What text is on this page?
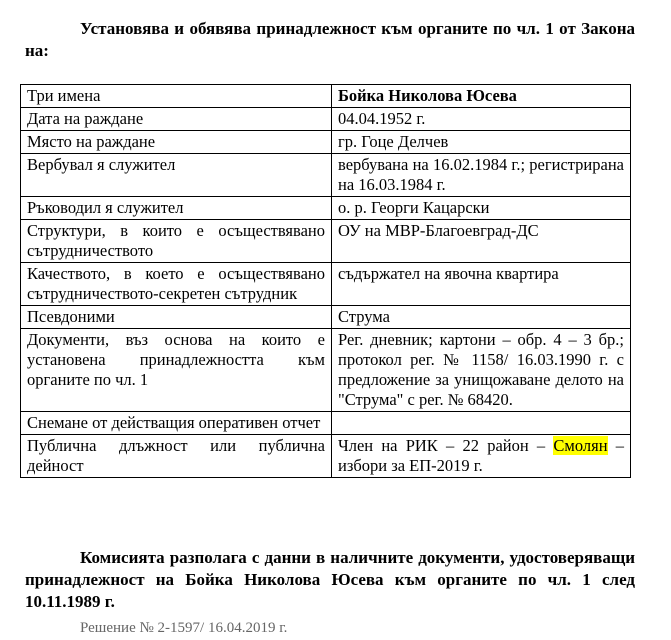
Установява и обявява принадлежност към органите по чл. 1 от Закона на:
Три имена	Бойка Николова Юсева
Дата на раждане	04.04.1952 г.
Място на раждане	гр. Гоце Делчев
Вербувал я служител	вербувана на 16.02.1984 г.; регистрирана на 16.03.1984 г.
Ръководил я служител	о. р. Георги Кацарски
Структури, в които е осъществявано сътрудничеството	ОУ на МВР-Благоевград-ДС
Качеството, в което е осъществявано сътрудничеството-секретен сътрудник	съдържател на явочна квартира
Псевдоними	Струма
Документи, въз основа на които е установена принадлежността към органите по чл. 1	Рег. дневник; картони – обр. 4 – 3 бр.; протокол рег. № 1158/ 16.03.1990 г. с предложение за унищожаване делото на "Струма" с рег. № 68420.
Снемане от действащия оперативен отчет	
Публична длъжност или публична дейност	Член на РИК – 22 район – Смолян – избори за ЕП-2019 г.
Комисията разполага с данни в наличните документи, удостоверяващи принадлежност на Бойка Николова Юсева към органите по чл. 1 след 10.11.1989 г.
Решение № 2-1597/ 16.04.2019 г.
